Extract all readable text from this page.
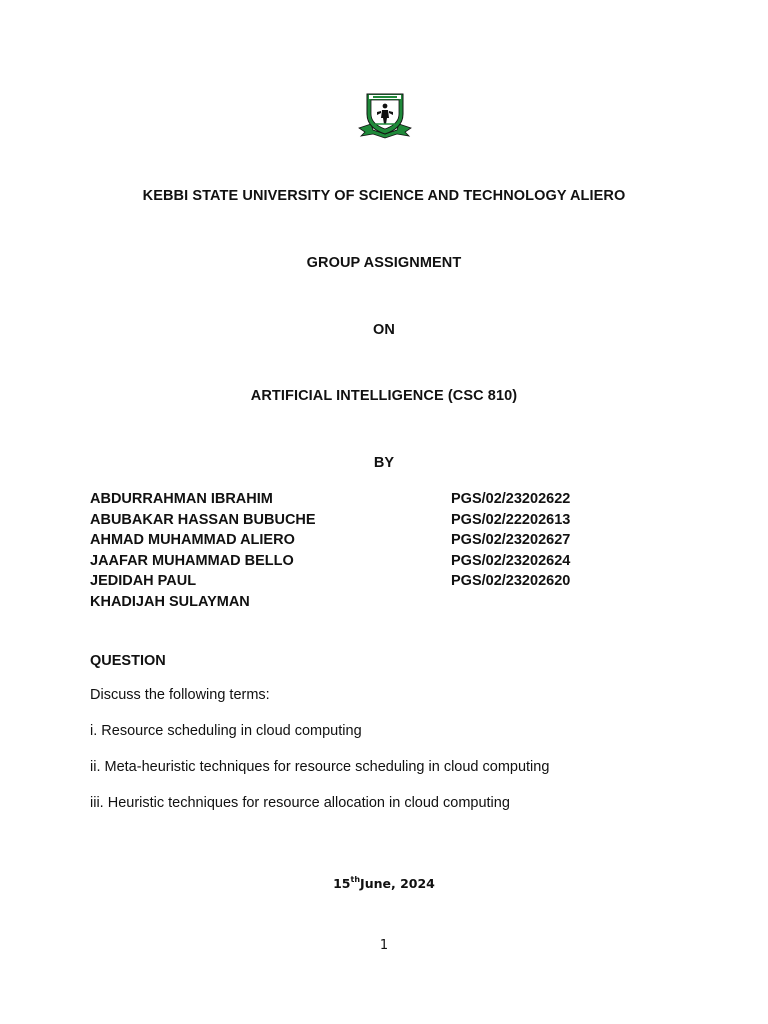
KEBBI STATE UNIVERSITY OF SCIENCE AND TECHNOLOGY ALIERO
GROUP ASSIGNMENT
ON
ARTIFICIAL INTELLIGENCE (CSC 810)
BY
ABDURRAHMAN IBRAHIM	PGS/02/23202622
ABUBAKAR HASSAN BUBUCHE	PGS/02/22202613
AHMAD MUHAMMAD ALIERO	PGS/02/23202627
JAAFAR MUHAMMAD BELLO	PGS/02/23202624
JEDIDAH PAUL	PGS/02/23202620
KHADIJAH SULAYMAN
QUESTION
Discuss the following terms:
i. Resource scheduling in cloud computing
ii. Meta-heuristic techniques for resource scheduling in cloud computing
iii. Heuristic techniques for resource allocation in cloud computing
15thJune, 2024
1
